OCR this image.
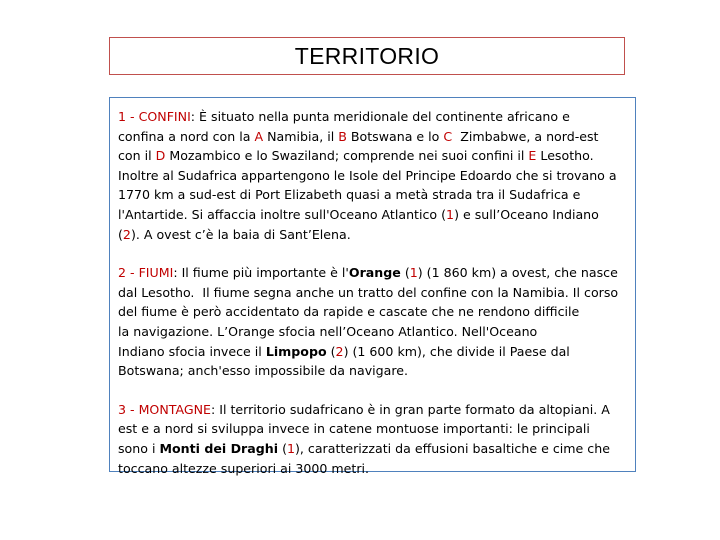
TERRITORIO

1 - CONFINI: È situato nella punta meridionale del continente africano e
confina a nord con la A Namibia, il B Botswana e lo C  Zimbabwe, a nord-est
con il D Mozambico e lo Swaziland; comprende nei suoi confini il E Lesotho.
Inoltre al Sudafrica appartengono le Isole del Principe Edoardo che si trovano a
1770 km a sud-est di Port Elizabeth quasi a metà strada tra il Sudafrica e
l'Antartide. Si affaccia inoltre sull'Oceano Atlantico (1) e sull’Oceano Indiano
(2). A ovest c’è la baia di Sant’Elena.

2 - FIUMI: Il fiume più importante è l'Orange (1) (1 860 km) a ovest, che nasce
dal Lesotho.  Il fiume segna anche un tratto del confine con la Namibia. Il corso
del fiume è però accidentato da rapide e cascate che ne rendono difficile
la navigazione. L’Orange sfocia nell’Oceano Atlantico. Nell'Oceano
Indiano sfocia invece il Limpopo (2) (1 600 km), che divide il Paese dal
Botswana; anch'esso impossibile da navigare.

3 - MONTAGNE: Il territorio sudafricano è in gran parte formato da altopiani. A
est e a nord si sviluppa invece in catene montuose importanti: le principali
sono i Monti dei Draghi (1), caratterizzati da effusioni basaltiche e cime che
toccano altezze superiori ai 3000 metri.
